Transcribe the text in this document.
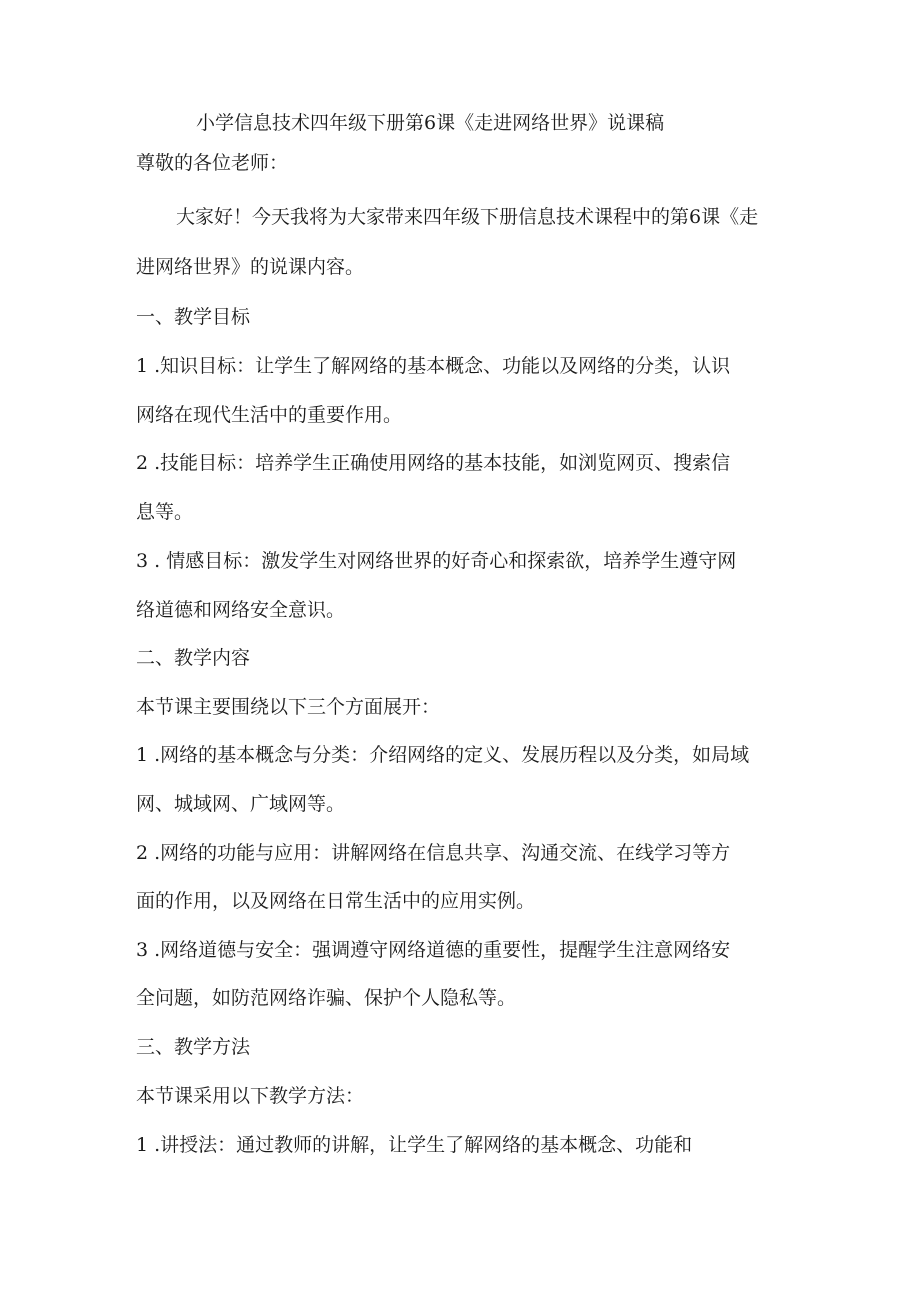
小学信息技术四年级下册第6课《走进网络世界》说课稿
尊敬的各位老师：
大家好！今天我将为大家带来四年级下册信息技术课程中的第6课《走
进网络世界》的说课内容。
一、教学目标
1 .知识目标：让学生了解网络的基本概念、功能以及网络的分类，认识
网络在现代生活中的重要作用。
2 .技能目标：培养学生正确使用网络的基本技能，如浏览网页、搜索信
息等。
3 . 情感目标：激发学生对网络世界的好奇心和探索欲，培养学生遵守网
络道德和网络安全意识。
二、教学内容
本节课主要围绕以下三个方面展开：
1 .网络的基本概念与分类：介绍网络的定义、发展历程以及分类，如局域
网、城域网、广域网等。
2 .网络的功能与应用：讲解网络在信息共享、沟通交流、在线学习等方
面的作用，以及网络在日常生活中的应用实例。
3 .网络道德与安全：强调遵守网络道德的重要性，提醒学生注意网络安
全问题，如防范网络诈骗、保护个人隐私等。
三、教学方法
本节课采用以下教学方法：
1 .讲授法：通过教师的讲解，让学生了解网络的基本概念、功能和
